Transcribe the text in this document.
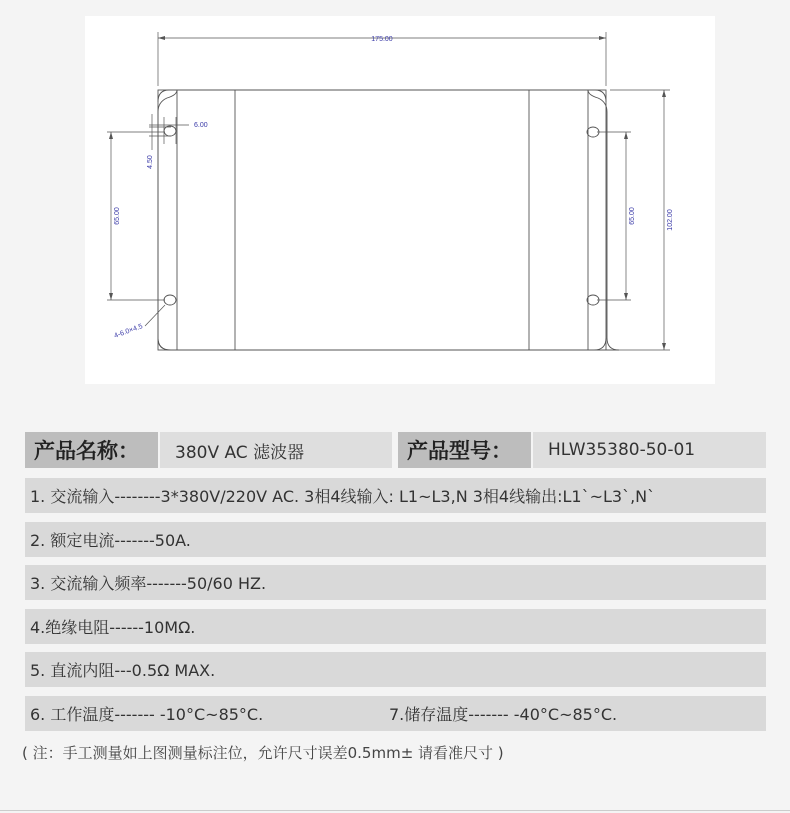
175.00
102.00
65.00	65.00
6.00
4.50
4-6.0×4.5
产品名称：	380V AC 滤波器	产品型号：	HLW35380-50-01
1. 交流输入--------3*380V/220V AC. 3相4线输入: L1~L3,N 3相4线输出:L1`~L3`,N`
2. 额定电流-------50A.
3. 交流输入频率-------50/60 HZ.
4.绝缘电阻------10MΩ.
5. 直流内阻---0.5Ω MAX.
6. 工作温度------- -10°C~85°C.	7.储存温度------- -40°C~85°C.
( 注：手工测量如上图测量标注位，允许尺寸误差0.5mm± 请看准尺寸 )
